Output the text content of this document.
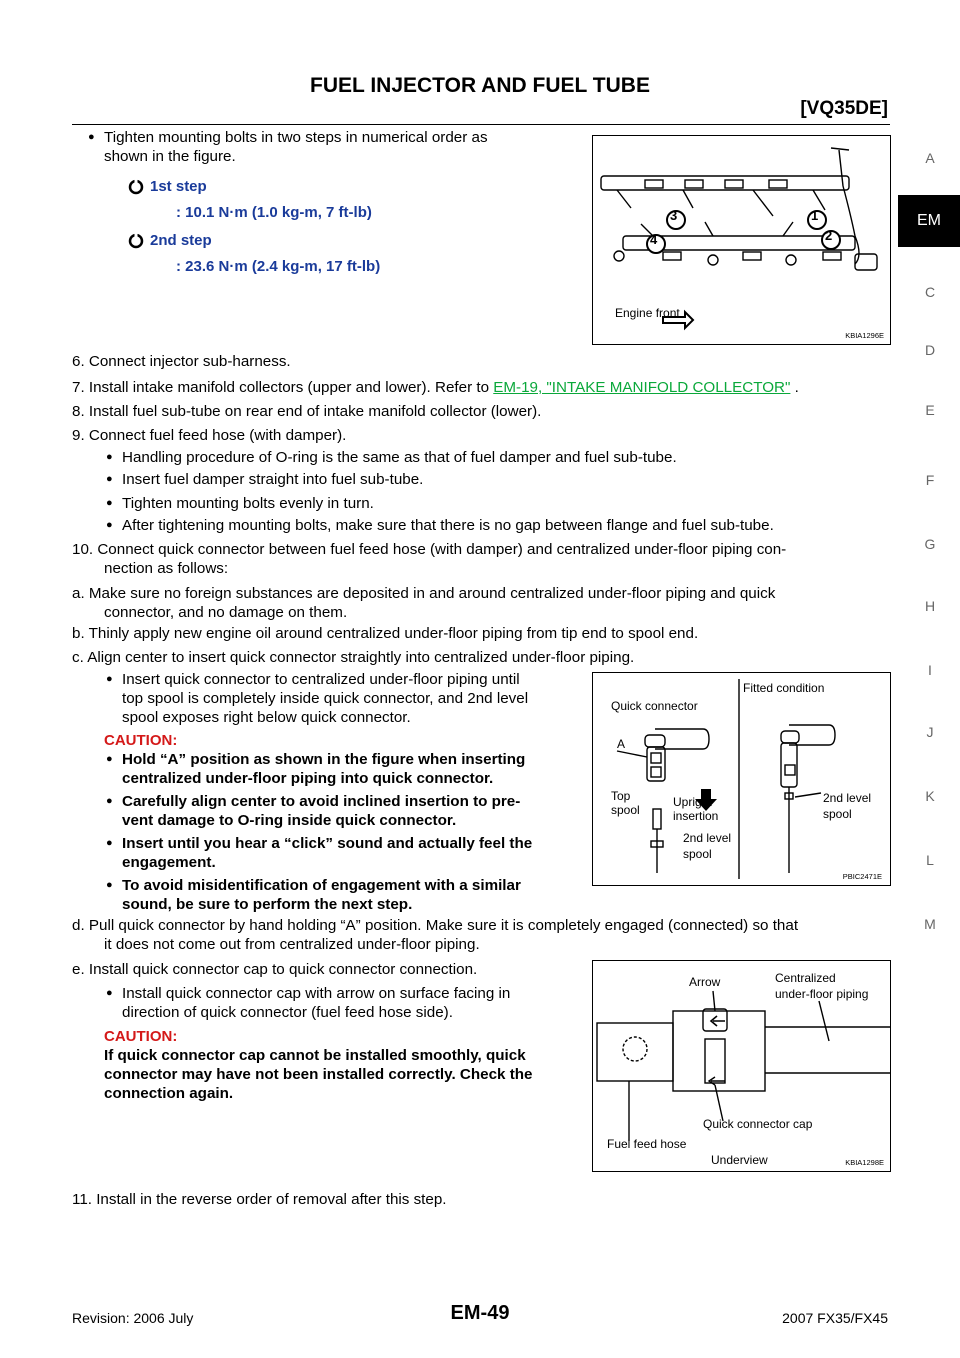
FUEL INJECTOR AND FUEL TUBE
[VQ35DE]
A
C
D
E
F
G
H
I
J
K
L
M
EM
● Tighten mounting bolts in two steps in numerical order as
shown in the figure.
1st step
: 10.1 N·m (1.0 kg-m, 7 ft-lb)
2nd step
: 23.6 N·m (2.4 kg-m, 17 ft-lb)
3	1
4	2
Engine front
KBIA1296E
6. Connect injector sub-harness.
7. Install intake manifold collectors (upper and lower). Refer to EM-19, "INTAKE MANIFOLD COLLECTOR" .
8. Install fuel sub-tube on rear end of intake manifold collector (lower).
9. Connect fuel feed hose (with damper).
● Handling procedure of O-ring is the same as that of fuel damper and fuel sub-tube.
● Insert fuel damper straight into fuel sub-tube.
● Tighten mounting bolts evenly in turn.
● After tightening mounting bolts, make sure that there is no gap between flange and fuel sub-tube.
10. Connect quick connector between fuel feed hose (with damper) and centralized under-floor piping con-
nection as follows:
a. Make sure no foreign substances are deposited in and around centralized under-floor piping and quick
connector, and no damage on them.
b. Thinly apply new engine oil around centralized under-floor piping from tip end to spool end.
c. Align center to insert quick connector straightly into centralized under-floor piping.
● Insert quick connector to centralized under-floor piping until
top spool is completely inside quick connector, and 2nd level
spool exposes right below quick connector.
CAUTION:
● Hold “A” position as shown in the figure when inserting
centralized under-floor piping into quick connector.
● Carefully align center to avoid inclined insertion to pre-
vent damage to O-ring inside quick connector.
● Insert until you hear a “click” sound and actually feel the
engagement.
● To avoid misidentification of engagement with a similar
sound, be sure to perform the next step.
Quick connector
A
Top
spool
Upright
insertion
2nd level
spool
Fitted condition
2nd level
spool
PBIC2471E
d. Pull quick connector by hand holding “A” position. Make sure it is completely engaged (connected) so that
it does not come out from centralized under-floor piping.
e. Install quick connector cap to quick connector connection.
● Install quick connector cap with arrow on surface facing in
direction of quick connector (fuel feed hose side).
CAUTION:
If quick connector cap cannot be installed smoothly, quick
connector may have not been installed correctly. Check the
connection again.
Arrow	Centralized
under-floor piping
Quick connector cap
Fuel feed hose
Underview	KBIA1298E
11. Install in the reverse order of removal after this step.
Revision: 2006 July	EM-49	2007 FX35/FX45
